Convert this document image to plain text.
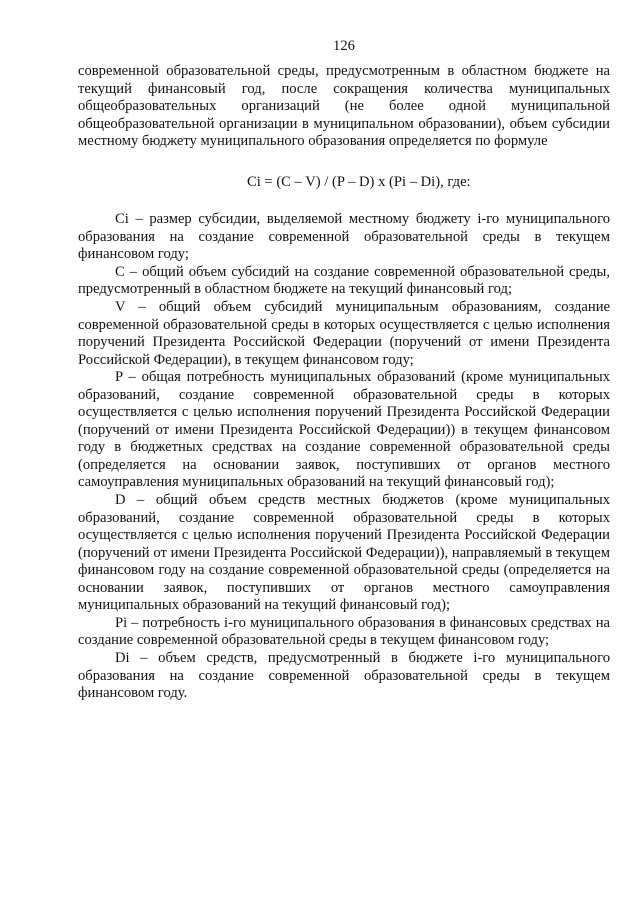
126

современной образовательной среды, предусмотренным в областном бюджете на текущий финансовый год, после сокращения количества муниципальных общеобразовательных организаций (не более одной муниципальной общеобразовательной организации в муниципальном образовании), объем субсидии местному бюджету муниципального образования определяется по формуле

Ci = (C – V) / (P – D) x (Pi – Di), где:

Ci – размер субсидии, выделяемой местному бюджету i-го муниципального образования на создание современной образовательной среды в текущем финансовом году;

C – общий объем субсидий на создание современной образовательной среды, предусмотренный в областном бюджете на текущий финансовый год;

V – общий объем субсидий муниципальным образованиям, создание современной образовательной среды в которых осуществляется с целью исполнения поручений Президента Российской Федерации (поручений от имени Президента Российской Федерации), в текущем финансовом году;

P – общая потребность муниципальных образований (кроме муниципальных образований, создание современной образовательной среды в которых осуществляется с целью исполнения поручений Президента Российской Федерации (поручений от имени Президента Российской Федерации)) в текущем финансовом году в бюджетных средствах на создание современной образовательной среды (определяется на основании заявок, поступивших от органов местного самоуправления муниципальных образований на текущий финансовый год);

D – общий объем средств местных бюджетов (кроме муниципальных образований, создание современной образовательной среды в которых осуществляется с целью исполнения поручений Президента Российской Федерации (поручений от имени Президента Российской Федерации)), направляемый в текущем финансовом году на создание современной образовательной среды (определяется на основании заявок, поступивших от органов местного самоуправления муниципальных образований на текущий финансовый год);

Pi – потребность i-го муниципального образования в финансовых средствах на создание современной образовательной среды в текущем финансовом году;

Di – объем средств, предусмотренный в бюджете i-го муниципального образования на создание современной образовательной среды в текущем финансовом году.
